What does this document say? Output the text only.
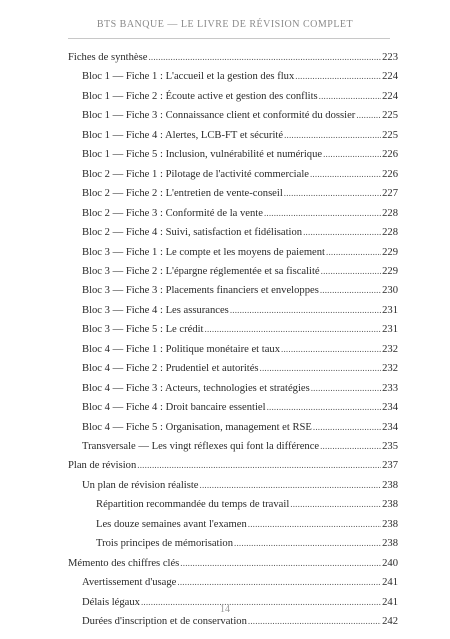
BTS BANQUE — LE LIVRE DE RÉVISION COMPLET
Fiches de synthèse .....	223
Bloc 1 — Fiche 1 : L'accueil et la gestion des flux .....	224
Bloc 1 — Fiche 2 : Écoute active et gestion des conflits .....	224
Bloc 1 — Fiche 3 : Connaissance client et conformité du dossier .....	225
Bloc 1 — Fiche 4 : Alertes, LCB-FT et sécurité .....	225
Bloc 1 — Fiche 5 : Inclusion, vulnérabilité et numérique .....	226
Bloc 2 — Fiche 1 : Pilotage de l'activité commerciale .....	226
Bloc 2 — Fiche 2 : L'entretien de vente-conseil .....	227
Bloc 2 — Fiche 3 : Conformité de la vente .....	228
Bloc 2 — Fiche 4 : Suivi, satisfaction et fidélisation .....	228
Bloc 3 — Fiche 1 : Le compte et les moyens de paiement .....	229
Bloc 3 — Fiche 2 : L'épargne réglementée et sa fiscalité .....	229
Bloc 3 — Fiche 3 : Placements financiers et enveloppes .....	230
Bloc 3 — Fiche 4 : Les assurances .....	231
Bloc 3 — Fiche 5 : Le crédit .....	231
Bloc 4 — Fiche 1 : Politique monétaire et taux .....	232
Bloc 4 — Fiche 2 : Prudentiel et autorités .....	232
Bloc 4 — Fiche 3 : Acteurs, technologies et stratégies .....	233
Bloc 4 — Fiche 4 : Droit bancaire essentiel .....	234
Bloc 4 — Fiche 5 : Organisation, management et RSE .....	234
Transversale — Les vingt réflexes qui font la différence .....	235
Plan de révision .....	237
Un plan de révision réaliste .....	238
Répartition recommandée du temps de travail .....	238
Les douze semaines avant l'examen .....	238
Trois principes de mémorisation .....	238
Mémento des chiffres clés .....	240
Avertissement d'usage .....	241
Délais légaux .....	241
Durées d'inscription et de conservation .....	242
14
